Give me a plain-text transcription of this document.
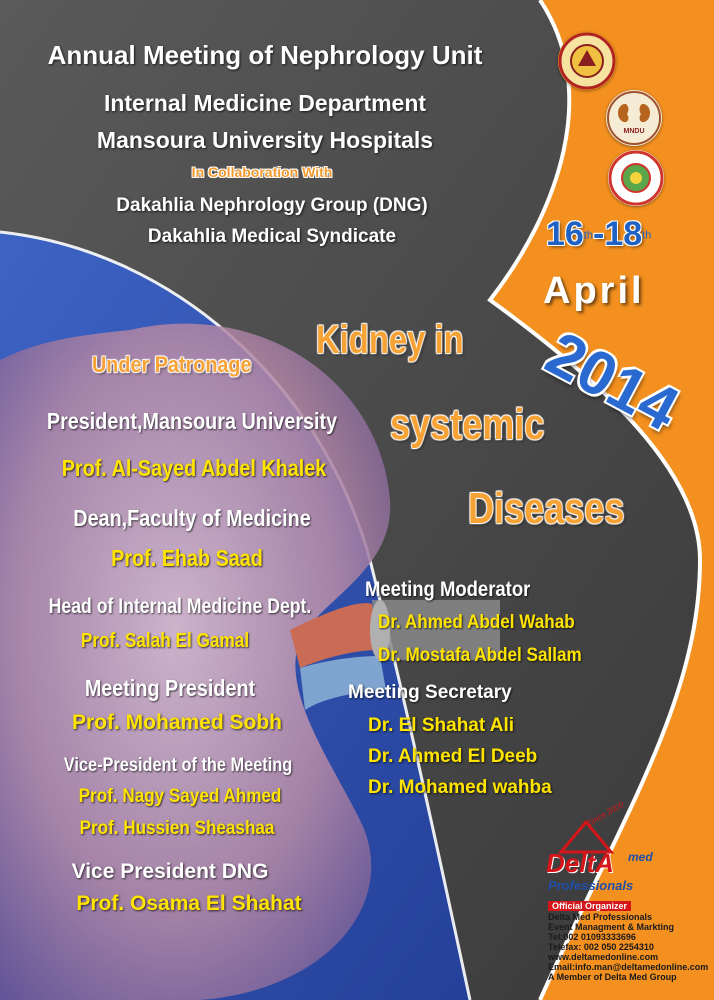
Annual Meeting of Nephrology Unit
Internal Medicine Department
Mansoura University Hospitals
In Collaboration With
Dakahlia Nephrology Group (DNG)
Dakahlia Medical Syndicate
MNDU
16th-18th
April
2014
Kidney in
systemic
Diseases
Under Patronage
President,Mansoura University
Prof. Al-Sayed Abdel Khalek
Dean,Faculty of Medicine
Prof. Ehab Saad
Head of Internal Medicine Dept.
Prof. Salah El Gamal
Meeting President
Prof. Mohamed Sobh
Vice-President of the Meeting
Prof. Nagy Sayed Ahmed
Prof. Hussien Sheashaa
Vice President DNG
Prof. Osama El Shahat
Meeting Moderator
Dr. Ahmed Abdel Wahab
Dr. Mostafa Abdel Sallam
Meeting Secretary
Dr. El Shahat Ali
Dr. Ahmed El Deeb
Dr. Mohamed wahba
Since 2000
DeltA med
Professionals
Official Organizer
Delta Med Professionals
Event Managment & Markting
Tel:002 01093333696
Telefax: 002 050 2254310
www.deltamedonline.com
Email:info.man@deltamedonline.com
A Member of Delta Med Group
